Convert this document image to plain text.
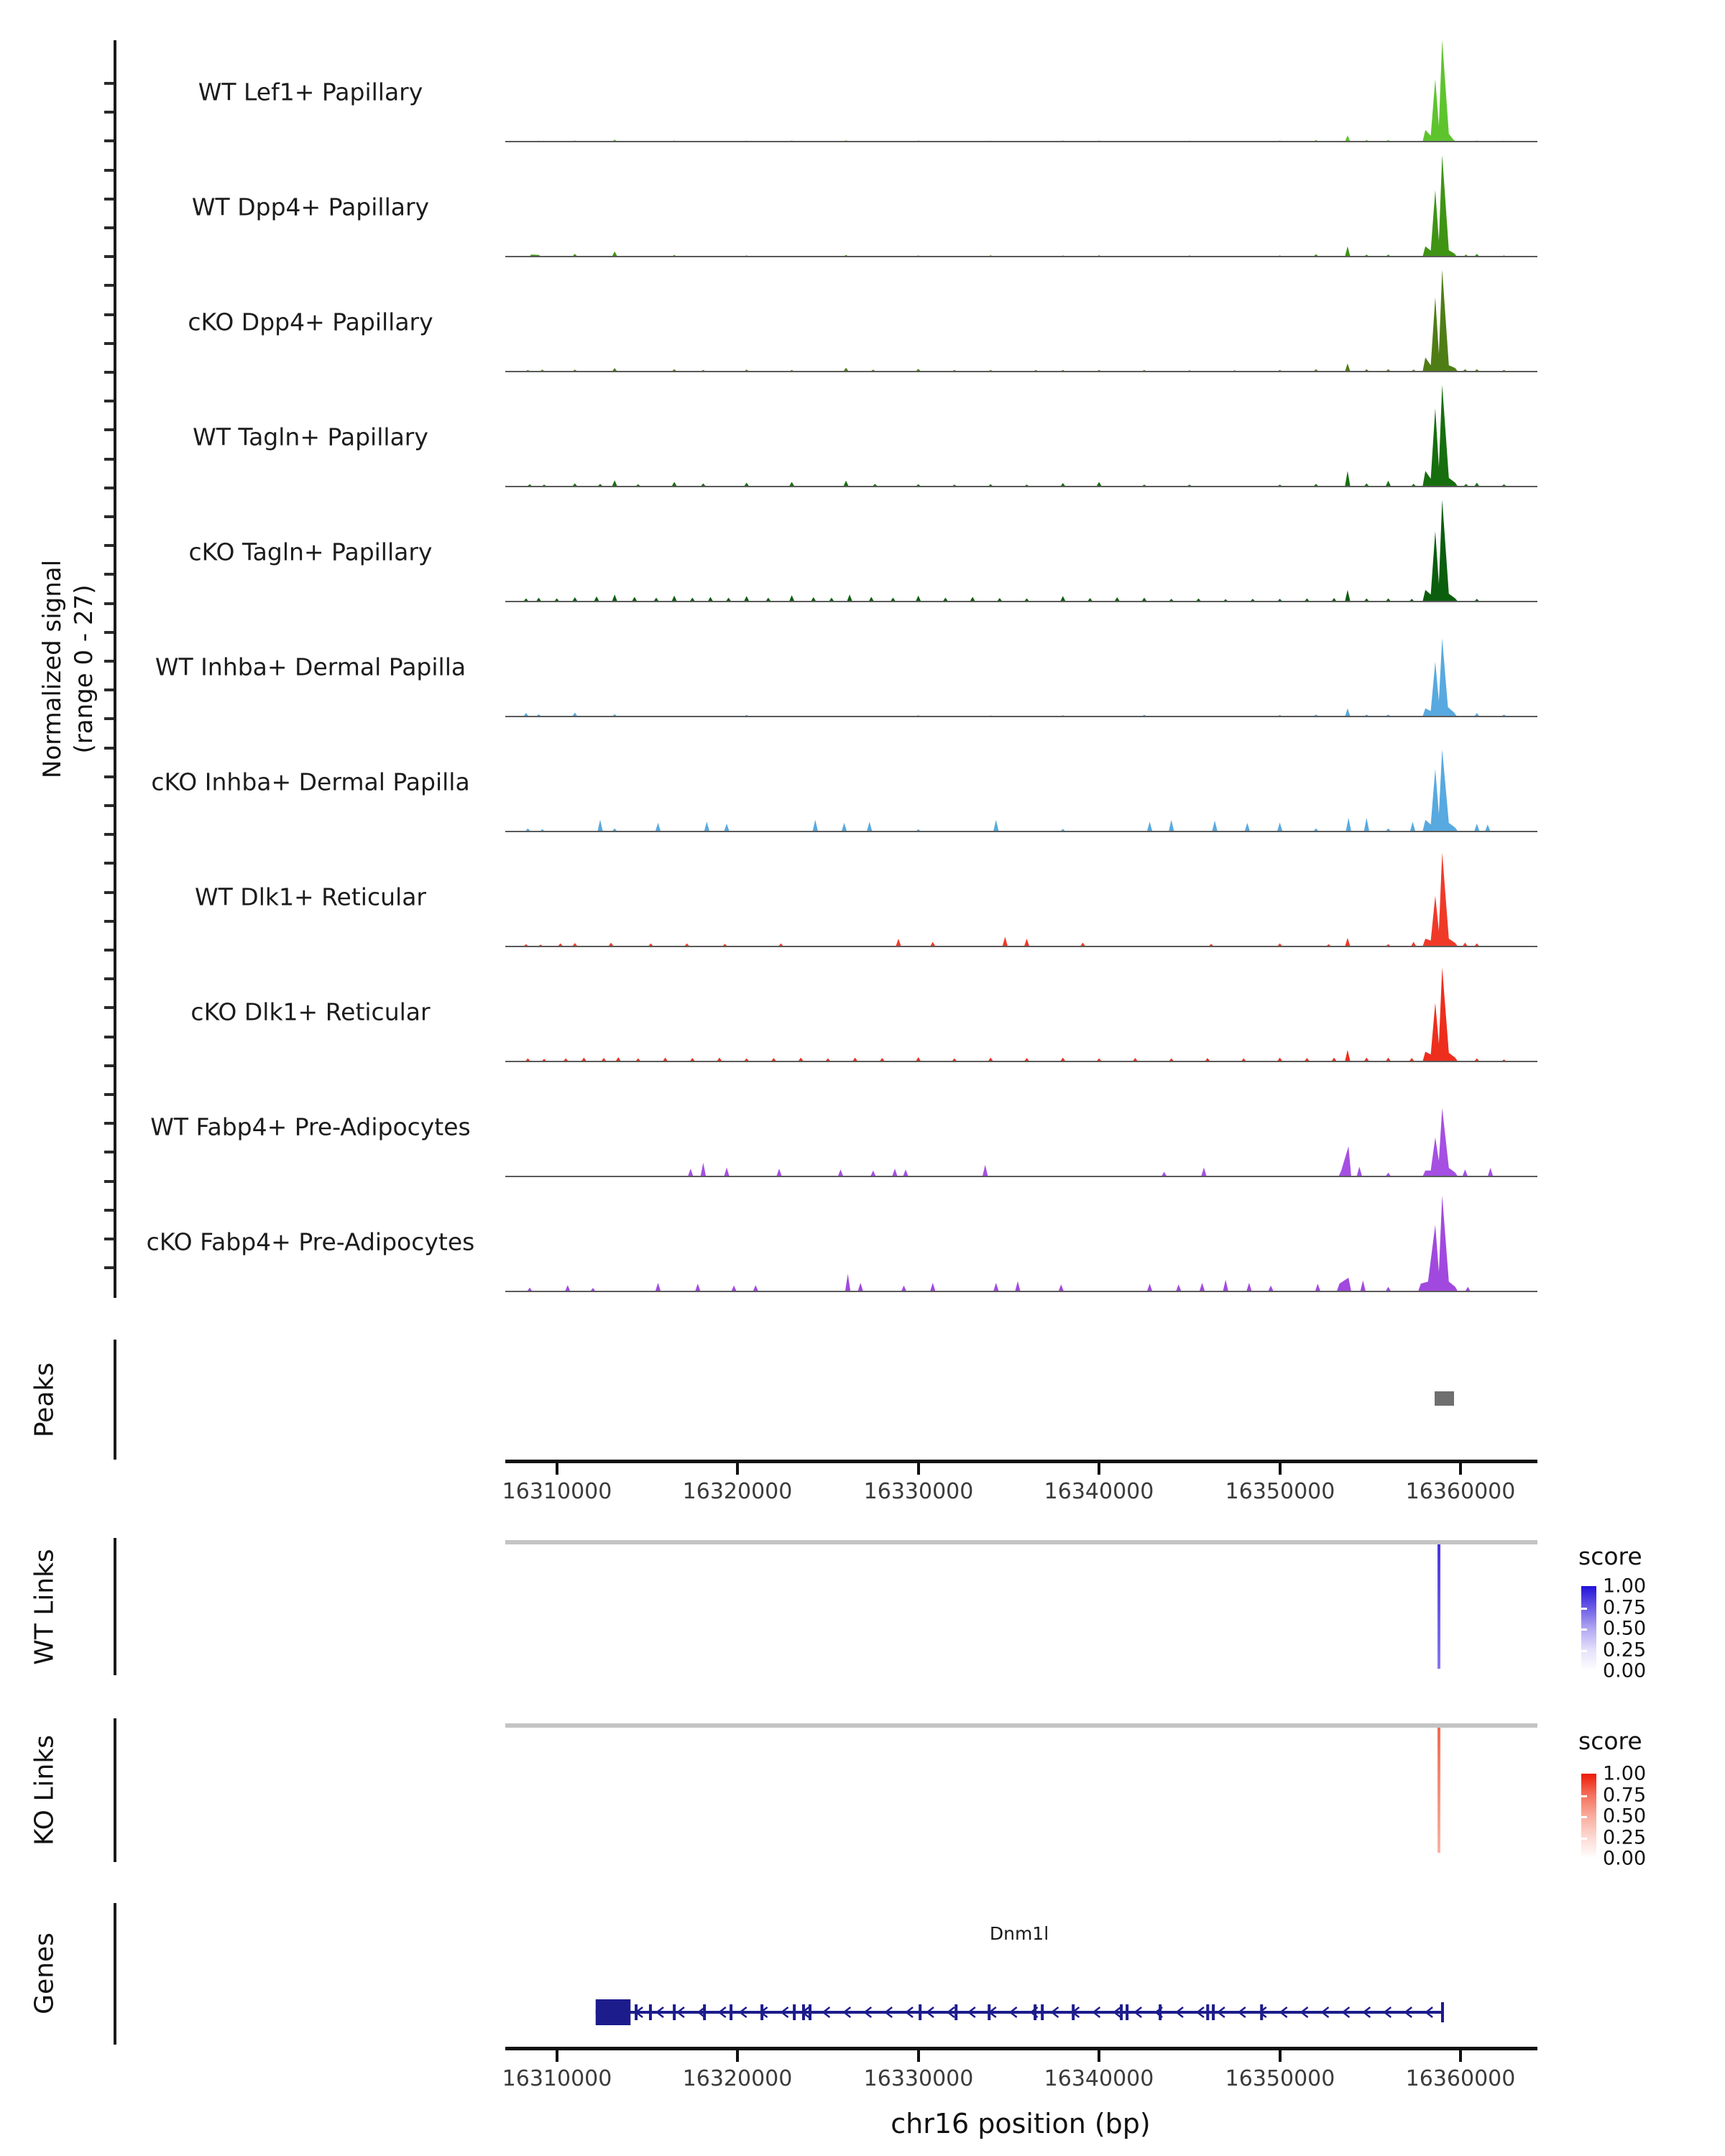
Normalized signal (range 0 - 27)
WT Lef1+ Papillary
WT Dpp4+ Papillary
cKO Dpp4+ Papillary
WT Tagln+ Papillary
cKO Tagln+ Papillary
WT Inhba+ Dermal Papilla
cKO Inhba+ Dermal Papilla
WT Dlk1+ Reticular
cKO Dlk1+ Reticular
WT Fabp4+ Pre-Adipocytes
cKO Fabp4+ Pre-Adipocytes
Peaks
16310000	16320000	16330000	16340000	16350000	16360000
WT Links	score
1.00
0.75
0.50
0.25
0.00
KO Links	score
1.00
0.75
0.50
0.25
0.00
Genes	Dnm1l
16310000	16320000	16330000	16340000	16350000	16360000
chr16 position (bp)
